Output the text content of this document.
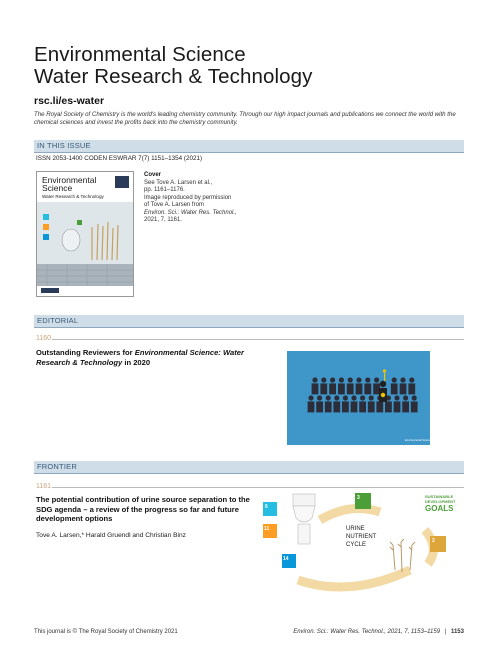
Environmental Science
Water Research & Technology
rsc.li/es-water
The Royal Society of Chemistry is the world's leading chemistry community. Through our high impact journals and publications we connect the world with the chemical sciences and invest the profits back into the chemistry community.
IN THIS ISSUE
ISSN 2053-1400 CODEN ESWRAR 7(7) 1151–1354 (2021)
Environmental
Science
Water Research & Technology
Cover
See Tove A. Larsen et al.,
pp. 1161–1176.
Image reproduced by permission
of Tove A. Larsen from
Environ. Sci.: Water Res. Technol.,
2021, 7, 1161.
EDITORIAL
1160
Outstanding Reviewers for Environmental Science: Water Research & Technology in 2020
Environmental Science
FRONTIER
1161
The potential contribution of urine source separation to the SDG agenda – a review of the progress so far and future development options
Tove A. Larsen,* Harald Gruendl and Christian Binz
6
11
14
3
2
SUSTAINABLE
DEVELOPMENT
GOALS
URINE
NUTRIENT
CYCLE
This journal is © The Royal Society of Chemistry 2021	Environ. Sci.: Water Res. Technol., 2021, 7, 1153–1159 | 1153
